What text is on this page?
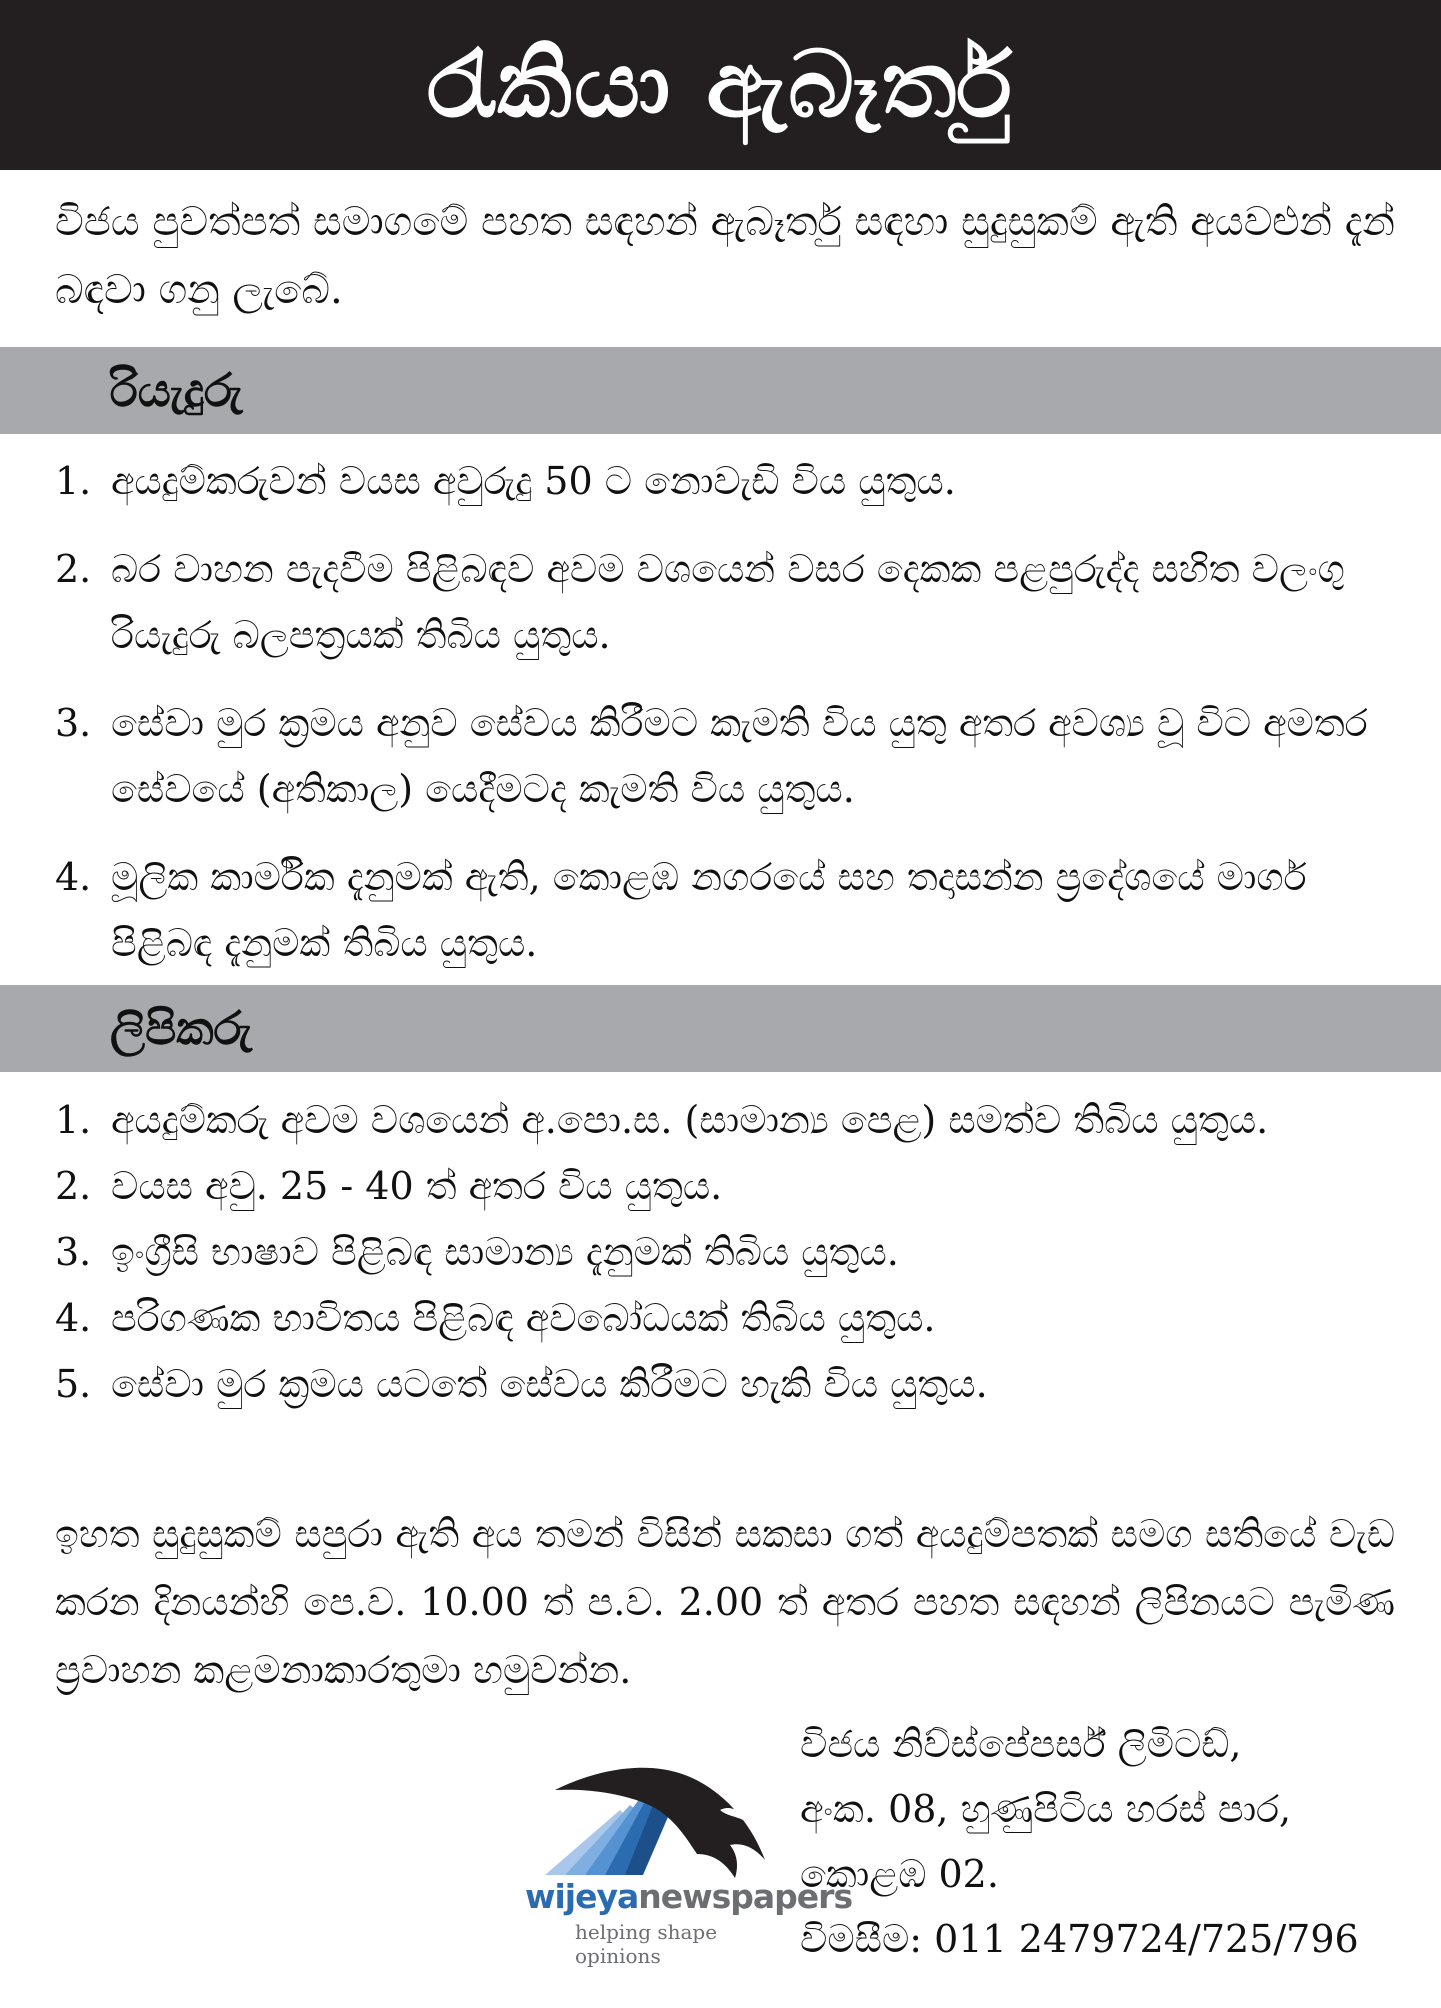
රැකියා ඇබෑර්තු
විජය පුවත්පත් සමාගමේ පහත සඳහන් ඇබෑර්තු සඳහා සුදුසුකම් ඇති අයවළුන් දැන් බඳවා ගනු ලැබේ.
රියැදුරු
1. අයදුම්කරුවන් වයස අවුරුදු 50 ට නොවැඩි විය යුතුය.
2. බර වාහන පැදවීම පිළිබඳව අවම වශයෙන් වසර දෙකක පළපුරුද්ද සහිත වලංගු රියැදුරු බලපත්‍රයක් තිබිය යුතුය.
3. සේවා මුර ක්‍රමය අනුව සේවය කිරීමට කැමති විය යුතු අතර අවශ්‍ය වූ විට අමතර සේවයේ (අතිකාල) යෙදීමටද කැමති විය යුතුය.
4. මූලික කාර්මික දැනුමක් ඇති, කොළඹ නගරයේ සහ තදාසන්න ප්‍රදේශයේ මාර්ග පිළිබඳ දැනුමක් තිබිය යුතුය.
ලිපිකරු
1. අයදුම්කරු අවම වශයෙන් අ.පො.ස. (සාමාන්‍ය පෙළ) සමත්ව තිබිය යුතුය.
2. වයස අවු. 25 - 40 ත් අතර විය යුතුය.
3. ඉංග්‍රීසි භාෂාව පිළිබඳ සාමාන්‍ය දැනුමක් තිබිය යුතුය.
4. පරිගණක භාවිතය පිළිබඳ අවබෝධයක් තිබිය යුතුය.
5. සේවා මුර ක්‍රමය යටතේ සේවය කිරීමට හැකි විය යුතුය.
ඉහත සුදුසුකම් සපුරා ඇති අය තමන් විසින් සකසා ගත් අයදුම්පතක් සමග සතියේ වැඩ කරන දිනයන්හි පෙ.ව. 10.00 ත් ප.ව. 2.00 ත් අතර පහත සඳහන් ලිපිනයට පැමිණ ප්‍රවාහන කළමනාකාරතුමා හමුවන්න.
wijeyanewspapers
helping shape opinions
විජය නිව්ස්පේපර්ස් ලිමිටඩ්,
අංක. 08, හුණුපිටිය හරස් පාර,
කොළඹ 02.
විමසීම: 011 2479724/725/796
